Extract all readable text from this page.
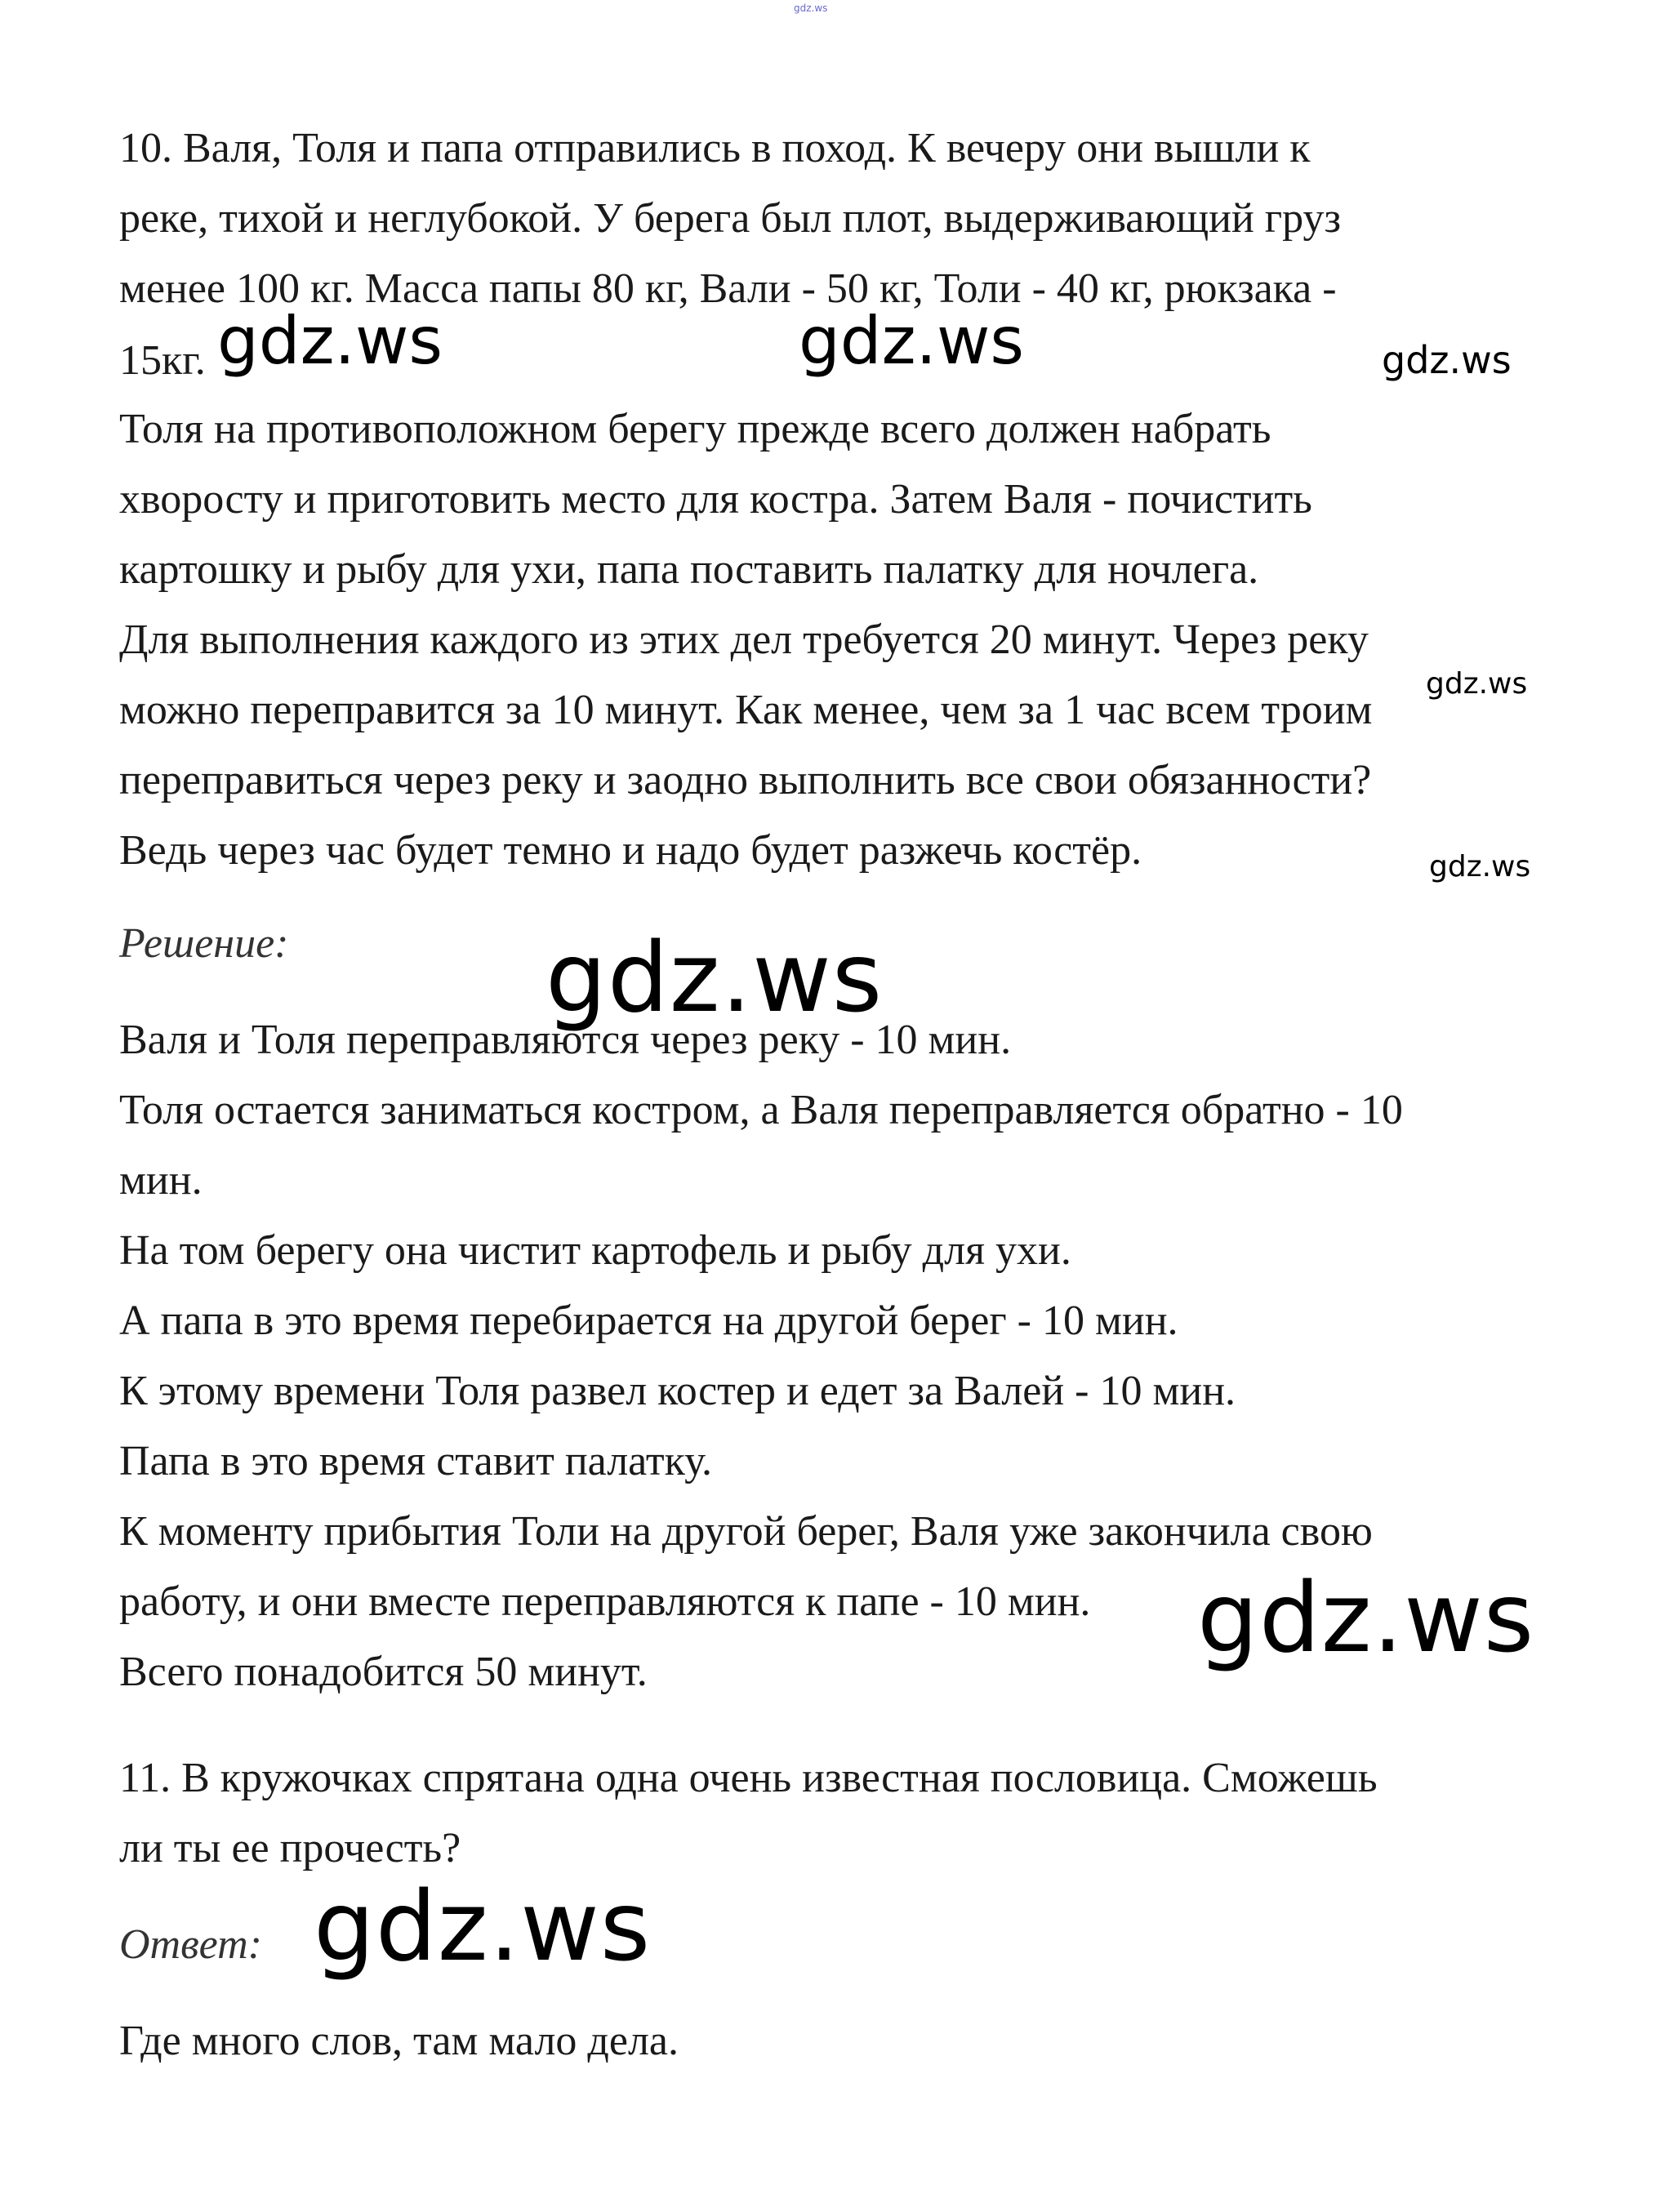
gdz.ws
10. Валя, Толя и папа отправились в поход. К вечеру они вышли к
реке, тихой и неглубокой. У берега был плот, выдерживающий груз
менее 100 кг. Масса папы 80 кг, Вали - 50 кг, Толи - 40 кг, рюкзака -
15кг.
Толя на противоположном берегу прежде всего должен набрать
хворосту и приготовить место для костра. Затем Валя - почистить
картошку и рыбу для ухи, папа поставить палатку для ночлега.
Для выполнения каждого из этих дел требуется 20 минут. Через реку
можно переправится за 10 минут. Как менее, чем за 1 час всем троим
переправиться через реку и заодно выполнить все свои обязанности?
Ведь через час будет темно и надо будет разжечь костёр.
Решение:
Валя и Толя переправляются через реку - 10 мин.
Толя остается заниматься костром, а Валя переправляется обратно - 10
мин.
На том берегу она чистит картофель и рыбу для ухи.
А папа в это время перебирается на другой берег - 10 мин.
К этому времени Толя развел костер и едет за Валей - 10 мин.
Папа в это время ставит палатку.
К моменту прибытия Толи на другой берег, Валя уже закончила свою
работу, и они вместе переправляются к папе - 10 мин.
Всего понадобится 50 минут.
11. В кружочках спрятана одна очень известная пословица. Сможешь
ли ты ее прочесть?
Ответ:
Где много слов, там мало дела.
gdz.ws	gdz.ws	gdz.ws
gdz.ws
gdz.ws
gdz.ws
gdz.ws
gdz.ws
